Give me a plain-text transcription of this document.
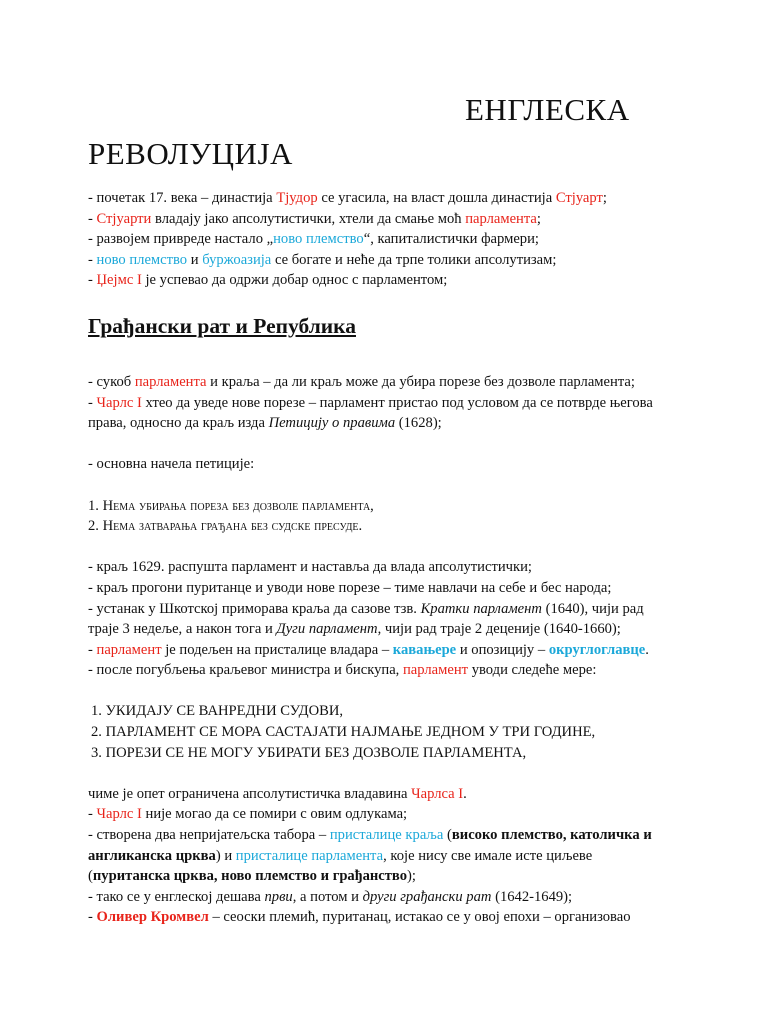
ЕНГЛЕСКА
РЕВОЛУЦИЈА
- почетак 17. века – династија Тјудор се угасила, на власт дошла династија Стјуарт;
- Стјуарти владају јако апсолутистички, хтели да смање моћ парламента;
- развојем привреде настало „ново племство“, капиталистички фармери;
- ново племство и буржоазија се богате и неће да трпе толики апсолутизам;
- Џејмс I је успевао да одржи добар однос с парламентом;
Грађански рат и Република
- сукоб парламента и краља – да ли краљ може да убира порезе без дозволе парламента;
- Чарлс I хтео да уведе нове порезе – парламент пристао под условом да се потврде његова
права, односно да краљ изда Петицију о правима (1628);
- основна начела петиције:
1. Нема убирања пореза без дозволе парламента,
2. Нема затварања грађана без судске пресуде.
- краљ 1629. распушта парламент и наставља да влада апсолутистички;
- краљ прогони пуританце и уводи нове порезе – тиме навлачи на себе и бес народа;
- устанак у Шкотској приморава краља да сазове тзв. Кратки парламент (1640), чији рад
траје 3 недеље, а након тога и Дуги парламент, чији рад траје 2 деценије (1640-1660);
- парламент је подељен на присталице владара – кавањере и опозицију – округлоглавце.
- после погубљења краљевог министра и бискупа, парламент уводи следеће мере:
1. УКИДАЈУ СЕ ВАНРЕДНИ СУДОВИ,
2. ПАРЛАМЕНТ СЕ МОРА САСТАЈАТИ НАЈМАЊЕ ЈЕДНОМ У ТРИ ГОДИНЕ,
3. ПОРЕЗИ СЕ НЕ МОГУ УБИРАТИ БЕЗ ДОЗВОЛЕ ПАРЛАМЕНТА,
чиме је опет ограничена апсолутистичка владавина Чарлса I.
- Чарлс I није могао да се помири с овим одлукама;
- створена два непријатељска табора – присталице краља (високо племство, католичка и
англиканска црква) и присталице парламента, које нису све имале исте циљеве
(пуританска црква, ново племство и грађанство);
- тако се у енглеској дешава први, а потом и други грађански рат (1642-1649);
- Оливер Кромвел – сеоски племић, пуританац, истакао се у овој епохи – организовао
